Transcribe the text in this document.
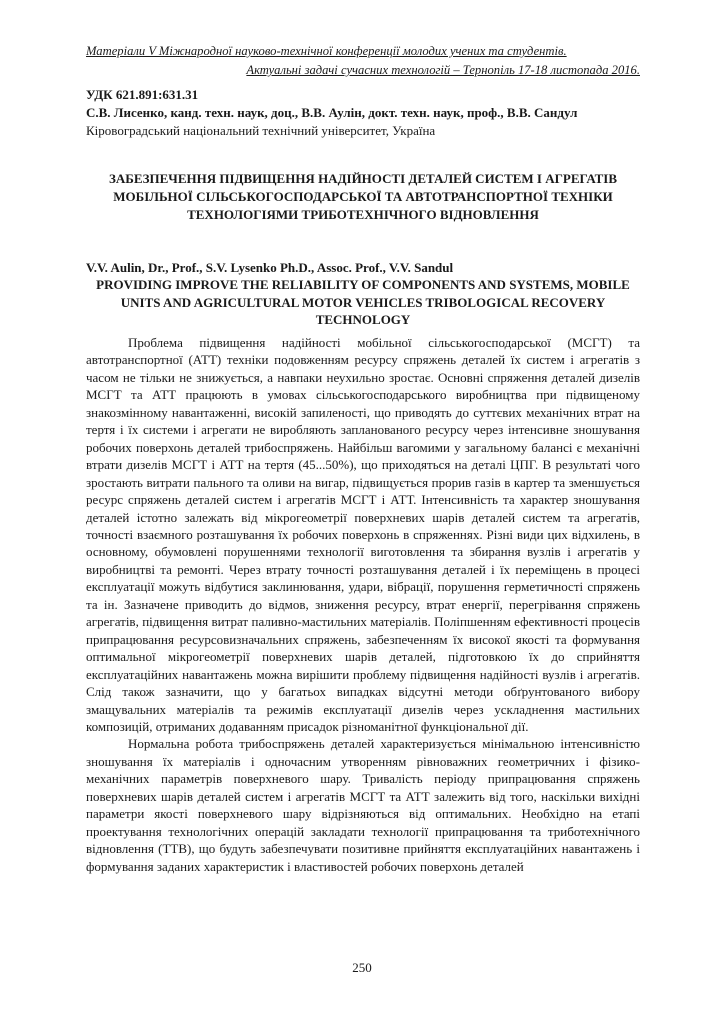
Матеріали V Міжнародної науково-технічної конференції молодих учених та студентів.
Актуальні задачі сучасних технологій – Тернопіль 17-18 листопада 2016.
УДК 621.891:631.31
С.В. Лисенко, канд. техн. наук, доц., В.В. Аулін, докт. техн. наук, проф., В.В. Сандул
Кіровоградський національний технічний університет, Україна
ЗАБЕЗПЕЧЕННЯ ПІДВИЩЕННЯ НАДІЙНОСТІ ДЕТАЛЕЙ СИСТЕМ І АГРЕГАТІВ МОБІЛЬНОЇ СІЛЬСЬКОГОСПОДАРСЬКОЇ ТА АВТОТРАНСПОРТНОЇ ТЕХНІКИ ТЕХНОЛОГІЯМИ ТРИБОТЕХНІЧНОГО ВІДНОВЛЕННЯ
V.V. Aulin, Dr., Prof., S.V. Lysenko Ph.D., Assoc. Prof., V.V. Sandul
PROVIDING IMPROVE THE RELIABILITY OF COMPONENTS AND SYSTEMS, MOBILE UNITS AND AGRICULTURAL MOTOR VEHICLES TRIBOLOGICAL RECOVERY TECHNOLOGY

Проблема підвищення надійності мобільної сільськогосподарської (МСГТ) та автотранспортної (АТТ) техніки подовженням ресурсу спряжень деталей їх систем і агрегатів з часом не тільки не знижується, а навпаки неухильно зростає. Основні спряження деталей дизелів МСГТ та АТТ працюють в умовах сільськогосподарського виробництва при підвищеному знакозмінному навантаженні, високій запиленості, що приводять до суттєвих механічних втрат на тертя і їх системи і агрегати не виробляють запланованого ресурсу через інтенсивне зношування робочих поверхонь деталей трибоспряжень. Найбільш вагомими у загальному балансі є механічні втрати дизелів МСГТ і АТТ на тертя (45...50%), що приходяться на деталі ЦПГ. В результаті чого зростають витрати пального та оливи на вигар, підвищується прорив газів в картер та зменшується ресурс спряжень деталей систем і агрегатів МСГТ і АТТ. Інтенсивність та характер зношування деталей істотно залежать від мікрогеометрії поверхневих шарів деталей систем та агрегатів, точності взаємного розташування їх робочих поверхонь в спряженнях. Різні види цих відхилень, в основному, обумовлені порушеннями технології виготовлення та збирання вузлів і агрегатів у виробництві та ремонті. Через втрату точності розташування деталей і їх переміщень в процесі експлуатації можуть відбутися заклинювання, удари, вібрації, порушення герметичності спряжень та ін. Зазначене приводить до відмов, зниження ресурсу, втрат енергії, перегрівання спряжень агрегатів, підвищення витрат паливно-мастильних матеріалів. Поліпшенням ефективності процесів припрацювання ресурсовизначальних спряжень, забезпеченням їх високої якості та формування оптимальної мікрогеометрії поверхневих шарів деталей, підготовкою їх до сприйняття експлуатаційних навантажень можна вирішити проблему підвищення надійності вузлів і агрегатів. Слід також зазначити, що у багатьох випадках відсутні методи обґрунтованого вибору змащувальних матеріалів та режимів експлуатації дизелів через ускладнення мастильних композицій, отриманих додаванням присадок різноманітної функціональної дії.

Нормальна робота трибоспряжень деталей характеризується мінімальною інтенсивністю зношування їх матеріалів і одночасним утворенням рівноважних геометричних і фізико-механічних параметрів поверхневого шару. Тривалість періоду припрацювання спряжень поверхневих шарів деталей систем і агрегатів МСГТ та АТТ залежить від того, наскільки вихідні параметри якості поверхневого шару відрізняються від оптимальних. Необхідно на етапі проектування технологічних операцій закладати технології припрацювання та триботехнічного відновлення (ТТВ), що будуть забезпечувати позитивне прийняття експлуатаційних навантажень і формування заданих характеристик і властивостей робочих поверхонь деталей

250
